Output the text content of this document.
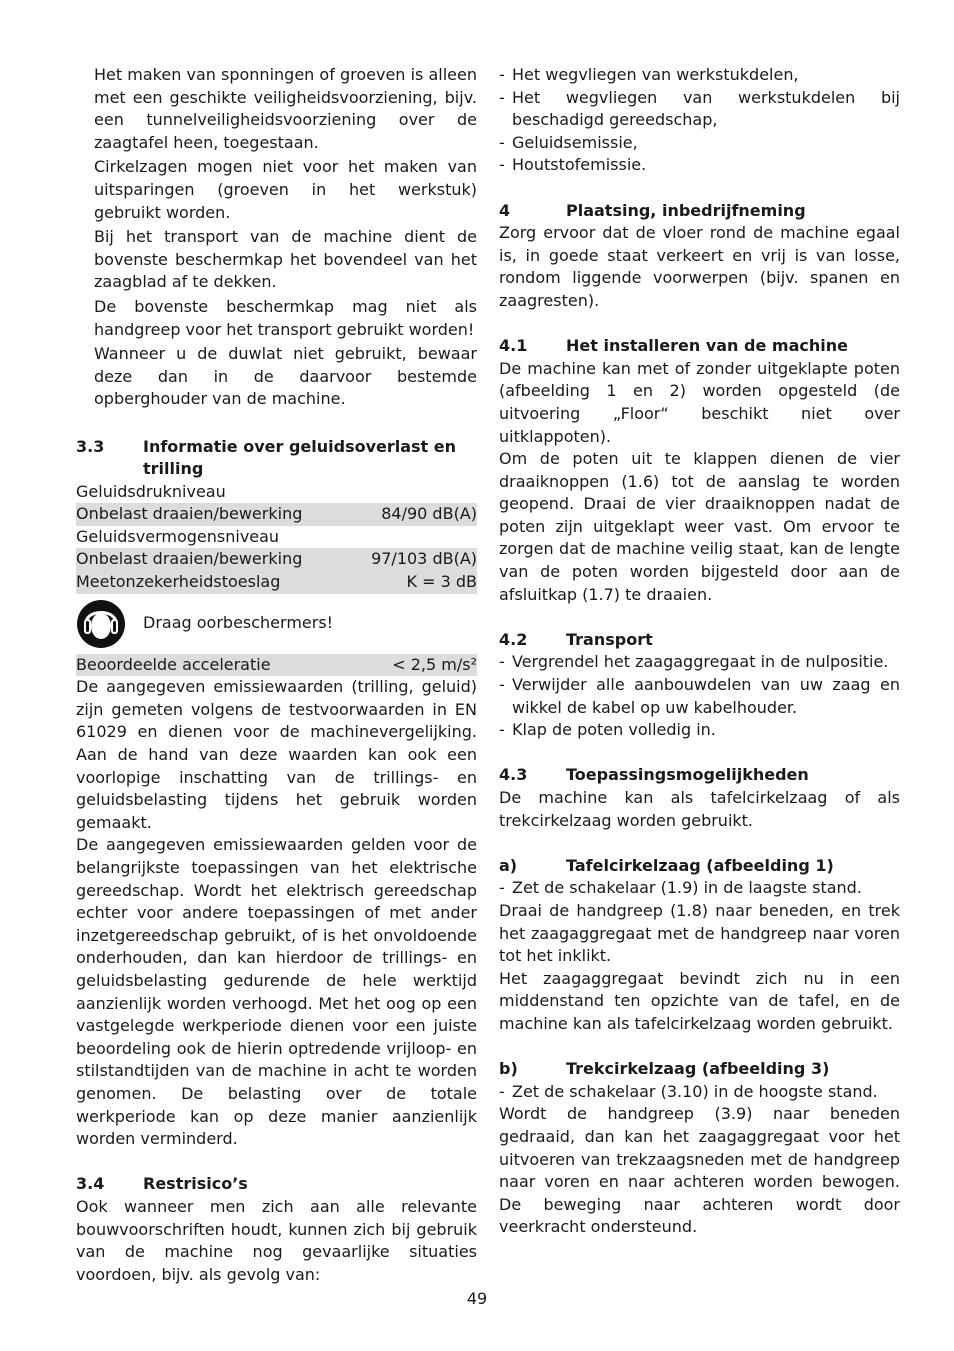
Het maken van sponningen of groeven is alleen met een geschikte veiligheidsvoorziening, bijv. een tunnelveiligheidsvoorziening over de zaagtafel heen, toegestaan.

Cirkelzagen mogen niet voor het maken van uitsparingen (groeven in het werkstuk) gebruikt worden.

Bij het transport van de machine dient de bovenste beschermkap het bovendeel van het zaagblad af te dekken.

De bovenste beschermkap mag niet als handgreep voor het transport gebruikt worden!

Wanneer u de duwlat niet gebruikt, bewaar deze dan in de daarvoor bestemde opberghouder van de machine.

3.3	Informatie over geluidsoverlast en trilling

Geluidsdrukniveau

Onbelast draaien/bewerking	84/90 dB(A)

Geluidsvermogensniveau

Onbelast draaien/bewerking	97/103 dB(A)
Meetonzekerheidstoeslag	K = 3 dB
Draag oorbeschermers!
Beoordeelde acceleratie	< 2,5 m/s²

De aangegeven emissiewaarden (trilling, geluid) zijn gemeten volgens de testvoorwaarden in EN 61029 en dienen voor de machinevergelijking. Aan de hand van deze waarden kan ook een voorlopige inschatting van de trillings- en geluidsbelasting tijdens het gebruik worden gemaakt.

De aangegeven emissiewaarden gelden voor de belangrijkste toepassingen van het elektrische gereedschap. Wordt het elektrisch gereedschap echter voor andere toepassingen of met ander inzetgereedschap gebruikt, of is het onvoldoende onderhouden, dan kan hierdoor de trillings- en geluidsbelasting gedurende de hele werktijd aanzienlijk worden verhoogd. Met het oog op een vastgelegde werkperiode dienen voor een juiste beoordeling ook de hierin optredende vrijloop- en stilstandtijden van de machine in acht te worden genomen. De belasting over de totale werkperiode kan op deze manier aanzienlijk worden verminderd.

3.4	Restrisico’s

Ook wanneer men zich aan alle relevante bouwvoorschriften houdt, kunnen zich bij gebruik van de machine nog gevaarlijke situaties voordoen, bijv. als gevolg van:

- Het wegvliegen van werkstukdelen,
- Het wegvliegen van werkstukdelen bij beschadigd gereedschap,
- Geluidsemissie,
- Houtstofemissie.
4	Plaatsing, inbedrijfneming

Zorg ervoor dat de vloer rond de machine egaal is, in goede staat verkeert en vrij is van losse, rondom liggende voorwerpen (bijv. spanen en zaagresten).

4.1	Het installeren van de machine

De machine kan met of zonder uitgeklapte poten (afbeelding 1 en 2) worden opgesteld (de uitvoering „Floor“ beschikt niet over uitklappoten).

Om de poten uit te klappen dienen de vier draaiknoppen (1.6) tot de aanslag te worden geopend. Draai de vier draaiknoppen nadat de poten zijn uitgeklapt weer vast. Om ervoor te zorgen dat de machine veilig staat, kan de lengte van de poten worden bijgesteld door aan de afsluitkap (1.7) te draaien.

4.2	Transport
- Vergrendel het zaagaggregaat in de nulpositie.
- Verwijder alle aanbouwdelen van uw zaag en wikkel de kabel op uw kabelhouder.
- Klap de poten volledig in.
4.3	Toepassingsmogelijkheden

De machine kan als tafelcirkelzaag of als trekcirkelzaag worden gebruikt.

a)	Tafelcirkelzaag (afbeelding 1)
- Zet de schakelaar (1.9) in de laagste stand.

Draai de handgreep (1.8) naar beneden, en trek het zaagaggregaat met de handgreep naar voren tot het inklikt.

Het zaagaggregaat bevindt zich nu in een middenstand ten opzichte van de tafel, en de machine kan als tafelcirkelzaag worden gebruikt.

b)	Trekcirkelzaag (afbeelding 3)
- Zet de schakelaar (3.10) in de hoogste stand.

Wordt de handgreep (3.9) naar beneden gedraaid, dan kan het zaagaggregaat voor het uitvoeren van trekzaagsneden met de handgreep naar voren en naar achteren worden bewogen. De beweging naar achteren wordt door veerkracht ondersteund.

49
